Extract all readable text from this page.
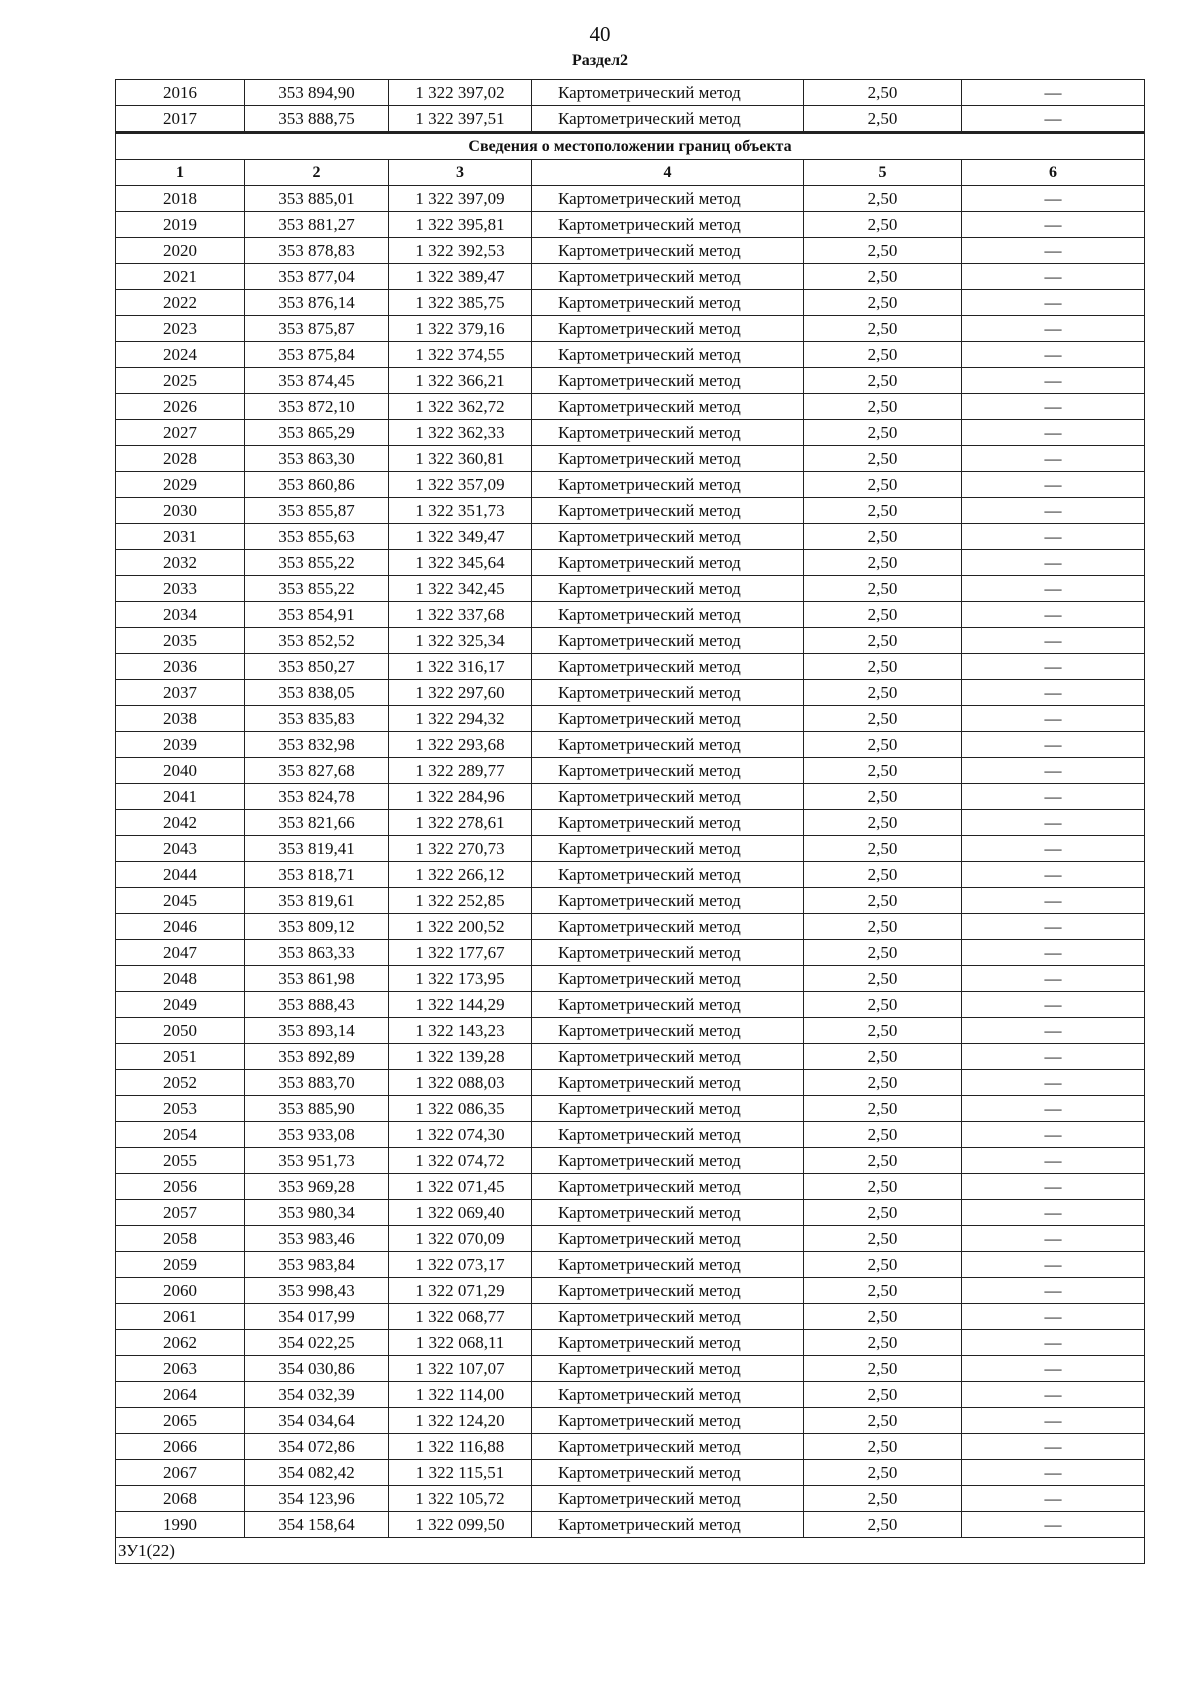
40
Раздел2
2016	353 894,90	1 322 397,02	Картометрический метод	2,50	—
2017	353 888,75	1 322 397,51	Картометрический метод	2,50	—
Сведения о местоположении границ объекта					
1	2	3	4	5	6
2018	353 885,01	1 322 397,09	Картометрический метод	2,50	—
2019	353 881,27	1 322 395,81	Картометрический метод	2,50	—
2020	353 878,83	1 322 392,53	Картометрический метод	2,50	—
2021	353 877,04	1 322 389,47	Картометрический метод	2,50	—
2022	353 876,14	1 322 385,75	Картометрический метод	2,50	—
2023	353 875,87	1 322 379,16	Картометрический метод	2,50	—
2024	353 875,84	1 322 374,55	Картометрический метод	2,50	—
2025	353 874,45	1 322 366,21	Картометрический метод	2,50	—
2026	353 872,10	1 322 362,72	Картометрический метод	2,50	—
2027	353 865,29	1 322 362,33	Картометрический метод	2,50	—
2028	353 863,30	1 322 360,81	Картометрический метод	2,50	—
2029	353 860,86	1 322 357,09	Картометрический метод	2,50	—
2030	353 855,87	1 322 351,73	Картометрический метод	2,50	—
2031	353 855,63	1 322 349,47	Картометрический метод	2,50	—
2032	353 855,22	1 322 345,64	Картометрический метод	2,50	—
2033	353 855,22	1 322 342,45	Картометрический метод	2,50	—
2034	353 854,91	1 322 337,68	Картометрический метод	2,50	—
2035	353 852,52	1 322 325,34	Картометрический метод	2,50	—
2036	353 850,27	1 322 316,17	Картометрический метод	2,50	—
2037	353 838,05	1 322 297,60	Картометрический метод	2,50	—
2038	353 835,83	1 322 294,32	Картометрический метод	2,50	—
2039	353 832,98	1 322 293,68	Картометрический метод	2,50	—
2040	353 827,68	1 322 289,77	Картометрический метод	2,50	—
2041	353 824,78	1 322 284,96	Картометрический метод	2,50	—
2042	353 821,66	1 322 278,61	Картометрический метод	2,50	—
2043	353 819,41	1 322 270,73	Картометрический метод	2,50	—
2044	353 818,71	1 322 266,12	Картометрический метод	2,50	—
2045	353 819,61	1 322 252,85	Картометрический метод	2,50	—
2046	353 809,12	1 322 200,52	Картометрический метод	2,50	—
2047	353 863,33	1 322 177,67	Картометрический метод	2,50	—
2048	353 861,98	1 322 173,95	Картометрический метод	2,50	—
2049	353 888,43	1 322 144,29	Картометрический метод	2,50	—
2050	353 893,14	1 322 143,23	Картометрический метод	2,50	—
2051	353 892,89	1 322 139,28	Картометрический метод	2,50	—
2052	353 883,70	1 322 088,03	Картометрический метод	2,50	—
2053	353 885,90	1 322 086,35	Картометрический метод	2,50	—
2054	353 933,08	1 322 074,30	Картометрический метод	2,50	—
2055	353 951,73	1 322 074,72	Картометрический метод	2,50	—
2056	353 969,28	1 322 071,45	Картометрический метод	2,50	—
2057	353 980,34	1 322 069,40	Картометрический метод	2,50	—
2058	353 983,46	1 322 070,09	Картометрический метод	2,50	—
2059	353 983,84	1 322 073,17	Картометрический метод	2,50	—
2060	353 998,43	1 322 071,29	Картометрический метод	2,50	—
2061	354 017,99	1 322 068,77	Картометрический метод	2,50	—
2062	354 022,25	1 322 068,11	Картометрический метод	2,50	—
2063	354 030,86	1 322 107,07	Картометрический метод	2,50	—
2064	354 032,39	1 322 114,00	Картометрический метод	2,50	—
2065	354 034,64	1 322 124,20	Картометрический метод	2,50	—
2066	354 072,86	1 322 116,88	Картометрический метод	2,50	—
2067	354 082,42	1 322 115,51	Картометрический метод	2,50	—
2068	354 123,96	1 322 105,72	Картометрический метод	2,50	—
1990	354 158,64	1 322 099,50	Картометрический метод	2,50	—
ЗУ1(22)					
